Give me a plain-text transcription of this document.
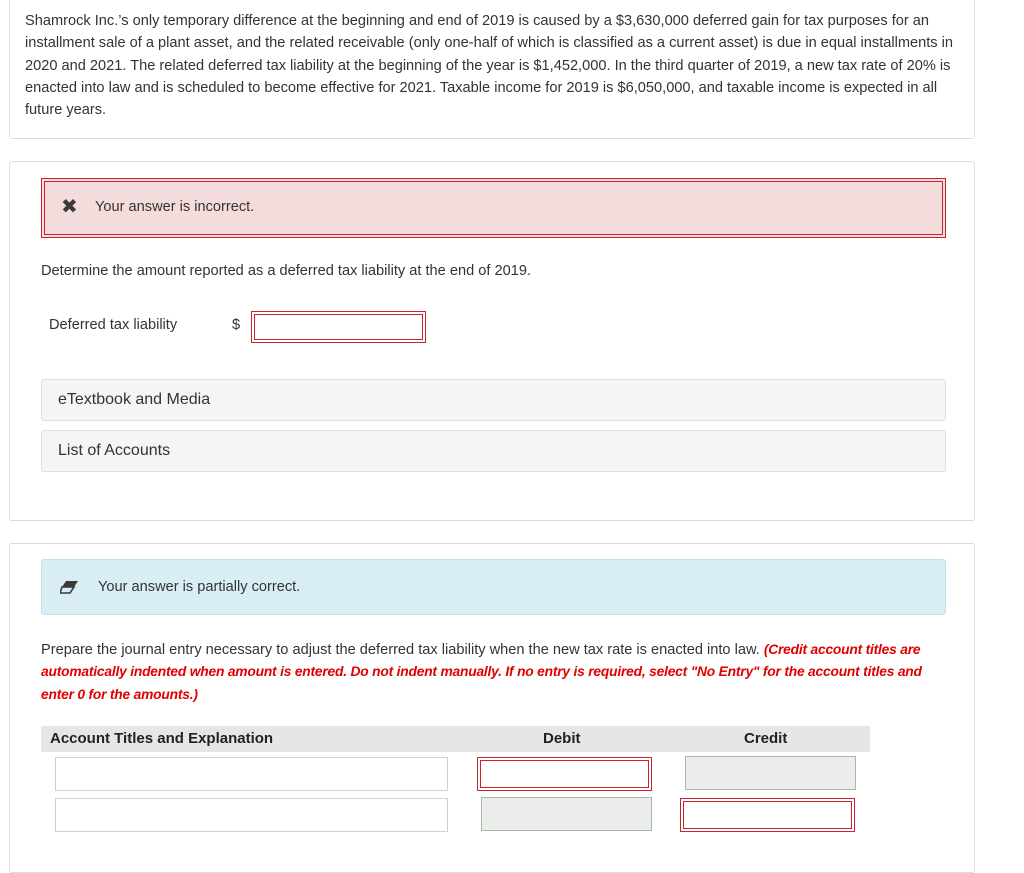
Shamrock Inc.’s only temporary difference at the beginning and end of 2019 is caused by a $3,630,000 deferred gain for tax purposes for an installment sale of a plant asset, and the related receivable (only one-half of which is classified as a current asset) is due in equal installments in 2020 and 2021. The related deferred tax liability at the beginning of the year is $1,452,000. In the third quarter of 2019, a new tax rate of 20% is enacted into law and is scheduled to become effective for 2021. Taxable income for 2019 is $6,050,000, and taxable income is expected in all future years.
✖ Your answer is incorrect.
Determine the amount reported as a deferred tax liability at the end of 2019.
Deferred tax liability	$
eTextbook and Media
List of Accounts
Your answer is partially correct.
Prepare the journal entry necessary to adjust the deferred tax liability when the new tax rate is enacted into law. (Credit account titles are automatically indented when amount is entered. Do not indent manually. If no entry is required, select "No Entry" for the account titles and enter 0 for the amounts.)
Account Titles and Explanation	Debit	Credit
